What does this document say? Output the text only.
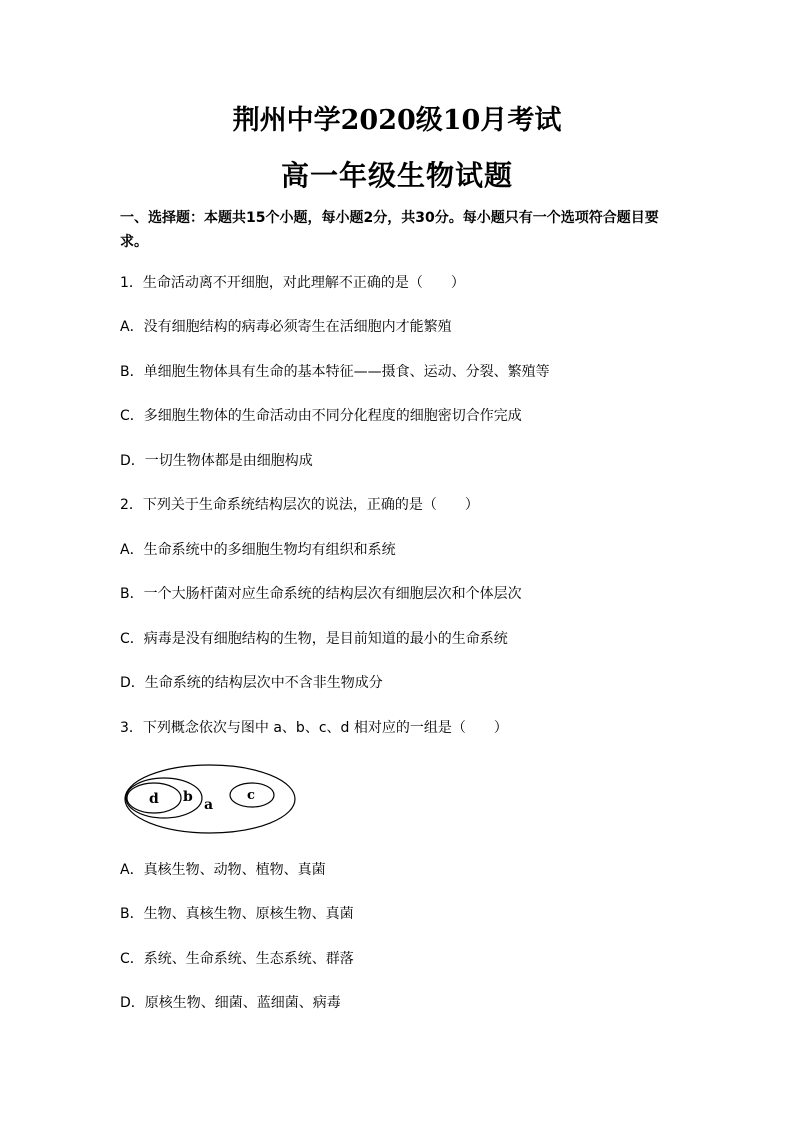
荆州中学2020级10月考试
高一年级生物试题
一、选择题：本题共15个小题，每小题2分，共30分。每小题只有一个选项符合题目要求。
1．生命活动离不开细胞，对此理解不正确的是（　　）
A．没有细胞结构的病毒必须寄生在活细胞内才能繁殖
B．单细胞生物体具有生命的基本特征——摄食、运动、分裂、繁殖等
C．多细胞生物体的生命活动由不同分化程度的细胞密切合作完成
D．一切生物体都是由细胞构成
2．下列关于生命系统结构层次的说法，正确的是（　　）
A．生命系统中的多细胞生物均有组织和系统
B．一个大肠杆菌对应生命系统的结构层次有细胞层次和个体层次
C．病毒是没有细胞结构的生物，是目前知道的最小的生命系统
D．生命系统的结构层次中不含非生物成分
3．下列概念依次与图中 a、b、c、d 相对应的一组是（　　）
d b a
c
A．真核生物、动物、植物、真菌
B．生物、真核生物、原核生物、真菌
C．系统、生命系统、生态系统、群落
D．原核生物、细菌、蓝细菌、病毒
